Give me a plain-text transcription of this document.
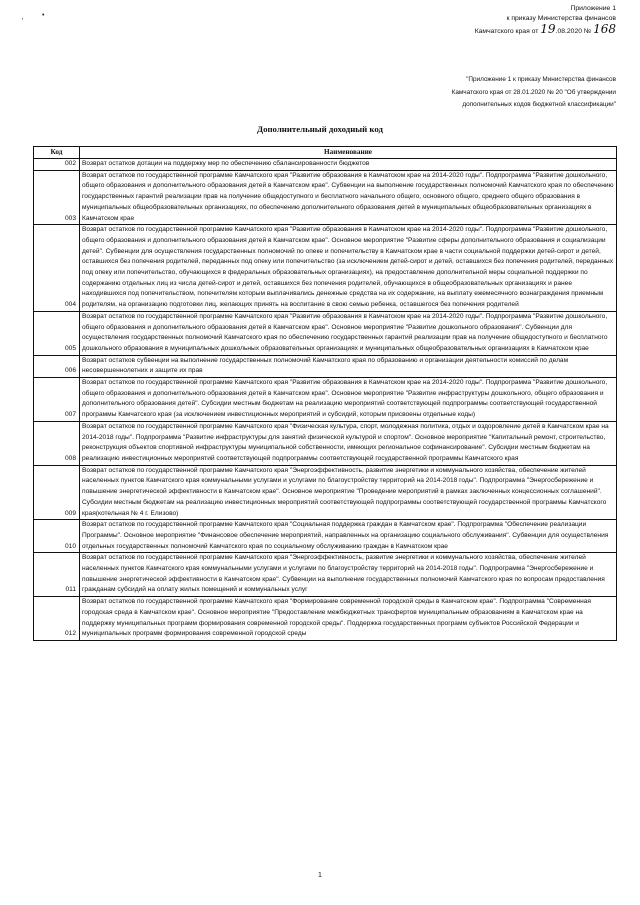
'
•
Приложение 1
к приказу Министерства финансов
Камчатского края от 19.08.2020 № 168
"Приложение 1 к приказу Министерства финансов
Камчатского края от 28.01.2020 № 20 "Об утверждении
дополнительных кодов бюджетной классификации"
Дополнительный доходный код
Код	Наименование
002	Возврат остатков дотации на поддержку мер по обеспечению сбалансированности бюджетов
003	Возврат остатков по государственной программе Камчатского края "Развитие образования в Камчатском крае на 2014-2020 годы". Подпрограмма "Развитие дошкольного, общего образования и дополнительного образования детей в Камчатском крае". Субвенции на выполнение государственных полномочий Камчатского края по обеспечению государственных гарантий реализации прав на получение общедоступного и бесплатного начального общего, основного общего, среднего общего образования в муниципальных общеобразовательных организациях, по обеспечению дополнительного образования детей в муниципальных общеобразовательных организациях в Камчатском крае
004	Возврат остатков по государственной программе Камчатского края "Развитие образования в Камчатском крае на 2014-2020 годы". Подпрограмма "Развитие дошкольного, общего образования и дополнительного образования детей в Камчатском крае". Основное мероприятие "Развитие сферы дополнительного образования и социализации детей". Субвенции для осуществления государственных полномочий по опеке и попечительству в Камчатском крае в части социальной поддержки детей-сирот и детей, оставшихся без попечения родителей, переданных под опеку или попечительство (за исключением детей-сирот и детей, оставшихся без попечения родителей, переданных под опеку или попечительство, обучающихся в федеральных образовательных организациях), на предоставление дополнительной меры социальной поддержки по содержанию отдельных лиц из числа детей-сирот и детей, оставшихся без попечения родителей, обучающихся в общеобразовательных организациях и ранее находившихся под попечительством, попечителям которым выплачивались денежные средства на их содержание, на выплату ежемесячного вознаграждения приемным родителям, на организацию подготовки лиц, желающих принять на воспитание в свою семью ребенка, оставшегося без попечения родителей
005	Возврат остатков по государственной программе Камчатского края "Развитие образования в Камчатском крае на 2014-2020 годы". Подпрограмма "Развитие дошкольного, общего образования и дополнительного образования детей в Камчатском крае". Основное мероприятие "Развитие дошкольного образования". Субвенции для осуществления государственных полномочий Камчатского края по обеспечению государственных гарантий реализации прав на получение общедоступного и бесплатного дошкольного образования в муниципальных дошкольных образовательных организациях и муниципальных общеобразовательных организациях в Камчатском крае
006	Возврат остатков субвенции на выполнение государственных полномочий Камчатского края по образованию и организации деятельности комиссий по делам несовершеннолетних и защите их прав
007	Возврат остатков по государственной программе Камчатского края "Развитие образования в Камчатском крае на 2014-2020 годы". Подпрограмма "Развитие дошкольного, общего образования и дополнительного образования детей в Камчатском крае". Основное мероприятие "Развитие инфраструктуры дошкольного, общего образования и дополнительного образования детей". Субсидии местным бюджетам на реализацию мероприятий соответствующей подпрограммы соответствующей государственной программы Камчатского края (за исключением инвестиционных мероприятий и субсидий, которым присвоены отдельные коды)
008	Возврат остатков по государственной программе Камчатского края "Физическая культура, спорт, молодежная политика, отдых и оздоровление детей в Камчатском крае на 2014-2018 годы". Подпрограмма "Развитие инфраструктуры для занятий физической культурой и спортом". Основное мероприятие "Капитальный ремонт, строительство, реконструкция объектов спортивной инфраструктуры муниципальной собственности, имеющих региональное софинансирование". Субсидии местным бюджетам на реализацию инвестиционных мероприятий соответствующей подпрограммы соответствующей государственной программы Камчатского края
009	Возврат остатков по государственной программе Камчатского края "Энергоэффективность, развитие энергетики и коммунального хозяйства, обеспечение жителей населенных пунктов Камчатского края коммунальными услугами и услугами по благоустройству территорий на 2014-2018 годы". Подпрограмма "Энергосбережение и повышение энергетической эффективности в Камчатском крае". Основное мероприятие "Проведение мероприятий в рамках заключенных концессионных соглашений". Субсидии местным бюджетам на реализацию инвестиционных мероприятий соответствующей подпрограммы соответствующей государственной программы Камчатского края(котельная № 4 г. Елизово)
010	Возврат остатков по государственной программе Камчатского края "Социальная поддержка граждан в Камчатском крае". Подпрограмма "Обеспечение реализации Программы". Основное мероприятие "Финансовое обеспечение мероприятий, направленных на организацию социального обслуживания". Субвенции для осуществления отдельных государственных полномочий Камчатского края по социальному обслуживанию граждан в Камчатском крае
011	Возврат остатков по государственной программе Камчатского края "Энергоэффективность, развитие энергетики и коммунального хозяйства, обеспечение жителей населенных пунктов Камчатского края коммунальными услугами и услугами по благоустройству территорий на 2014-2018 годы". Подпрограмма "Энергосбережение и повышение энергетической эффективности в Камчатском крае". Субвенции на выполнение государственных полномочий Камчатского края по вопросам предоставления гражданам субсидий на оплату жилых помещений и коммунальных услуг
012	Возврат остатков по государственной программе Камчатского края "Формирование современной городской среды в Камчатском крае". Подпрограмма "Современная городская среда в Камчатском крае". Основное мероприятие "Предоставление межбюджетных трансфертов муниципальным образованиям в Камчатском крае на поддержку муниципальных программ формирования современной городской среды". Поддержка государственных программ субъектов Российской Федерации и муниципальных программ формирования современной городской среды
1
